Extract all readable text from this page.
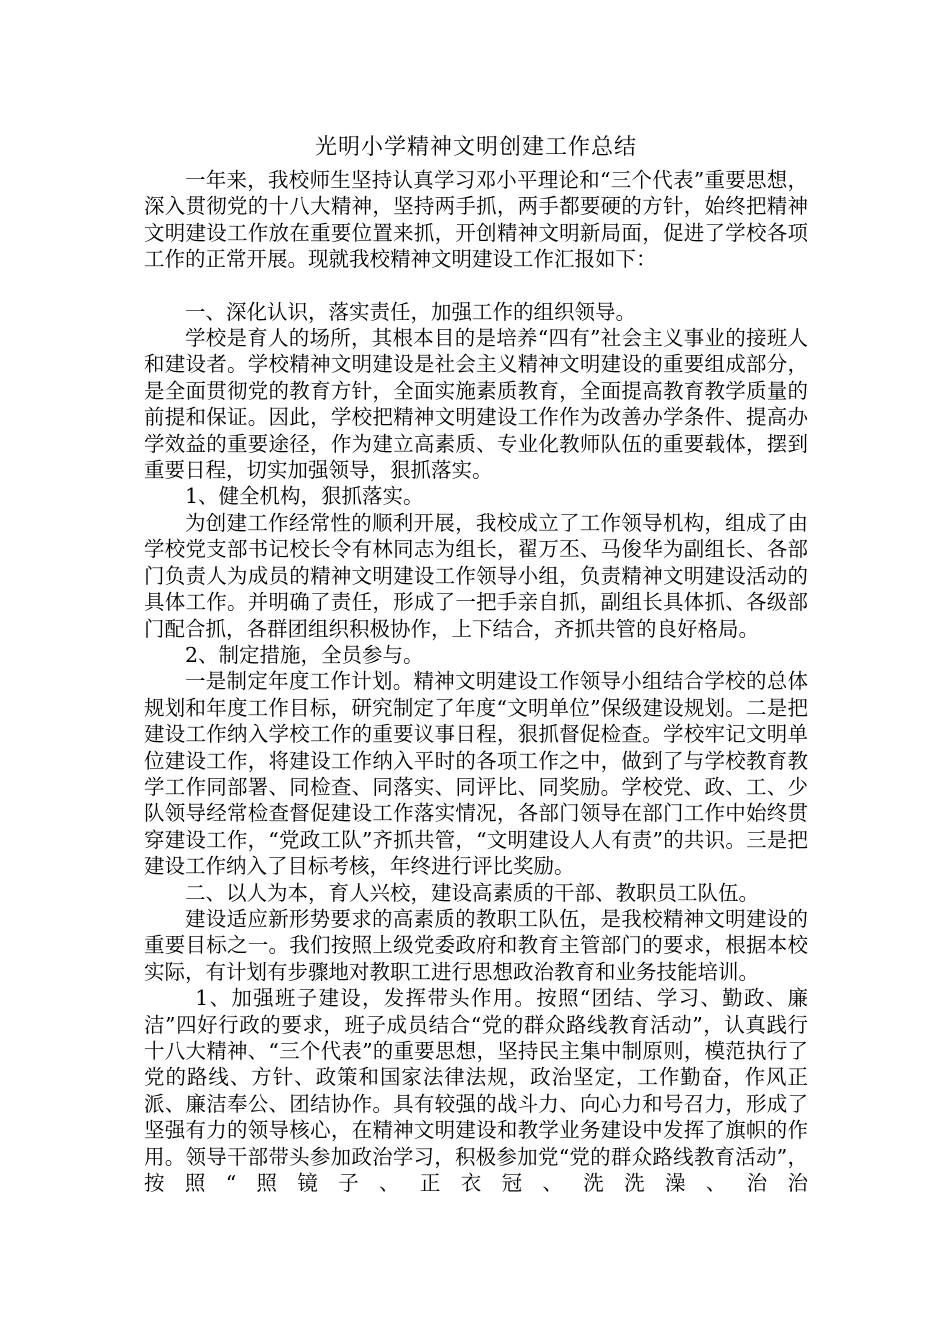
光明小学精神文明创建工作总结

一年来，我校师生坚持认真学习邓小平理论和“三个代表”重要思想，深入贯彻党的十八大精神，坚持两手抓，两手都要硬的方针，始终把精神文明建设工作放在重要位置来抓，开创精神文明新局面，促进了学校各项工作的正常开展。现就我校精神文明建设工作汇报如下：

一、深化认识，落实责任，加强工作的组织领导。

学校是育人的场所，其根本目的是培养“四有”社会主义事业的接班人和建设者。学校精神文明建设是社会主义精神文明建设的重要组成部分，是全面贯彻党的教育方针，全面实施素质教育，全面提高教育教学质量的前提和保证。因此，学校把精神文明建设工作作为改善办学条件、提高办学效益的重要途径，作为建立高素质、专业化教师队伍的重要载体，摆到重要日程，切实加强领导，狠抓落实。

1、健全机构，狠抓落实。

为创建工作经常性的顺利开展，我校成立了工作领导机构，组成了由学校党支部书记校长令有林同志为组长，翟万丕、马俊华为副组长、各部门负责人为成员的精神文明建设工作领导小组，负责精神文明建设活动的具体工作。并明确了责任，形成了一把手亲自抓，副组长具体抓、各级部门配合抓，各群团组织积极协作，上下结合，齐抓共管的良好格局。

2、制定措施，全员参与。

一是制定年度工作计划。精神文明建设工作领导小组结合学校的总体规划和年度工作目标，研究制定了年度“文明单位”保级建设规划。二是把建设工作纳入学校工作的重要议事日程，狠抓督促检查。学校牢记文明单位建设工作，将建设工作纳入平时的各项工作之中，做到了与学校教育教学工作同部署、同检查、同落实、同评比、同奖励。学校党、政、工、少队领导经常检查督促建设工作落实情况，各部门领导在部门工作中始终贯穿建设工作，“党政工队”齐抓共管，“文明建设人人有责”的共识。三是把建设工作纳入了目标考核，年终进行评比奖励。

二、以人为本，育人兴校，建设高素质的干部、教职员工队伍。

建设适应新形势要求的高素质的教职工队伍，是我校精神文明建设的重要目标之一。我们按照上级党委政府和教育主管部门的要求，根据本校实际，有计划有步骤地对教职工进行思想政治教育和业务技能培训。

1、加强班子建设，发挥带头作用。按照“团结、学习、勤政、廉洁”四好行政的要求，班子成员结合“党的群众路线教育活动”，认真践行十八大精神、“三个代表”的重要思想，坚持民主集中制原则，模范执行了党的路线、方针、政策和国家法律法规，政治坚定，工作勤奋，作风正派、廉洁奉公、团结协作。具有较强的战斗力、向心力和号召力，形成了坚强有力的领导核心，在精神文明建设和教学业务建设中发挥了旗帜的作用。领导干部带头参加政治学习，积极参加党“党的群众路线教育活动”， 按照“照镜子、正衣冠、洗洗澡、治治
